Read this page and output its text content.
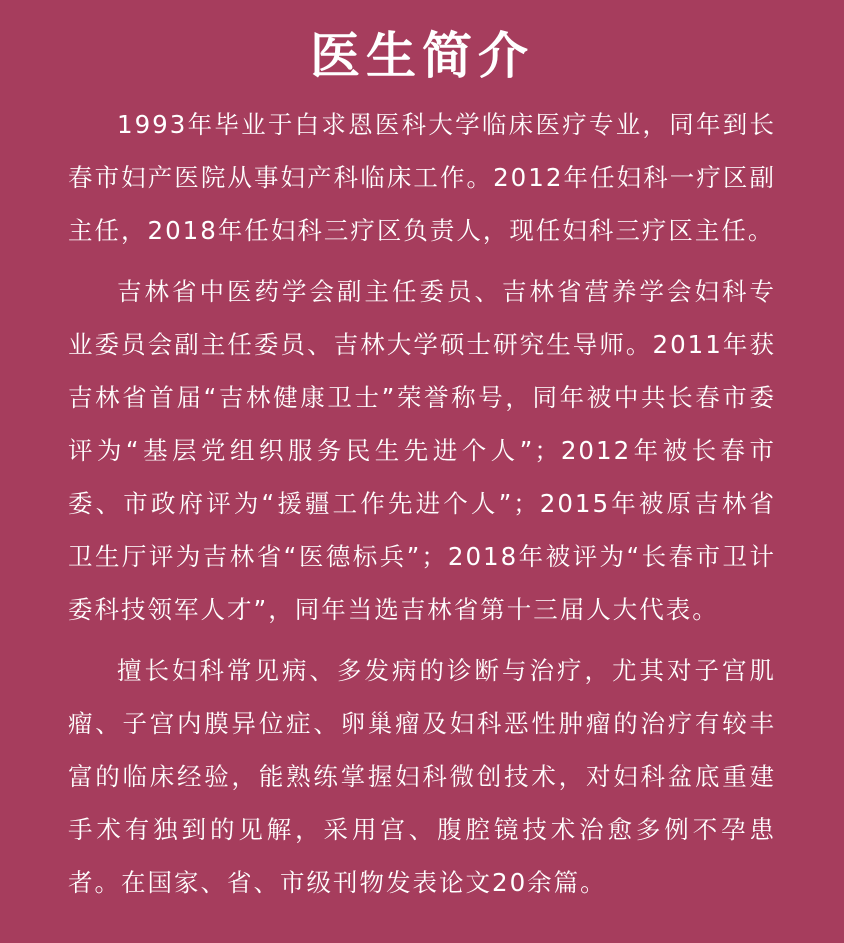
医生简介

1993年毕业于白求恩医科大学临床医疗专业，同年到长春市妇产医院从事妇产科临床工作。2012年任妇科一疗区副主任，2018年任妇科三疗区负责人，现任妇科三疗区主任。

吉林省中医药学会副主任委员、吉林省营养学会妇科专业委员会副主任委员、吉林大学硕士研究生导师。2011年获吉林省首届“吉林健康卫士”荣誉称号，同年被中共长春市委评为“基层党组织服务民生先进个人”；2012年被长春市委、市政府评为“援疆工作先进个人”；2015年被原吉林省卫生厅评为吉林省“医德标兵”；2018年被评为“长春市卫计委科技领军人才”，同年当选吉林省第十三届人大代表。

擅长妇科常见病、多发病的诊断与治疗，尤其对子宫肌瘤、子宫内膜异位症、卵巢瘤及妇科恶性肿瘤的治疗有较丰富的临床经验，能熟练掌握妇科微创技术，对妇科盆底重建手术有独到的见解，采用宫、腹腔镜技术治愈多例不孕患者。在国家、省、市级刊物发表论文20余篇。
